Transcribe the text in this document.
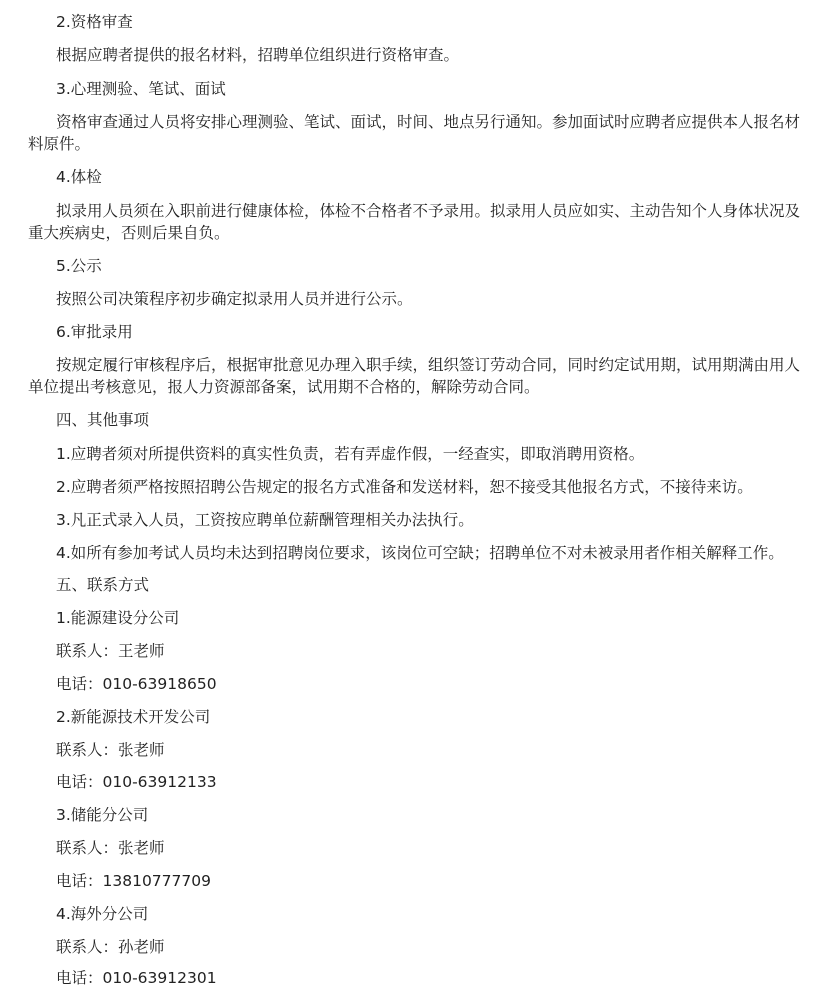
2.资格审查

根据应聘者提供的报名材料，招聘单位组织进行资格审查。

3.心理测验、笔试、面试

资格审查通过人员将安排心理测验、笔试、面试，时间、地点另行通知。参加面试时应聘者应提供本人报名材料原件。

4.体检

拟录用人员须在入职前进行健康体检，体检不合格者不予录用。拟录用人员应如实、主动告知个人身体状况及重大疾病史，否则后果自负。

5.公示

按照公司决策程序初步确定拟录用人员并进行公示。

6.审批录用

按规定履行审核程序后，根据审批意见办理入职手续，组织签订劳动合同，同时约定试用期，试用期满由用人单位提出考核意见，报人力资源部备案，试用期不合格的，解除劳动合同。

四、其他事项

1.应聘者须对所提供资料的真实性负责，若有弄虚作假，一经查实，即取消聘用资格。

2.应聘者须严格按照招聘公告规定的报名方式准备和发送材料，恕不接受其他报名方式，不接待来访。

3.凡正式录入人员，工资按应聘单位薪酬管理相关办法执行。

4.如所有参加考试人员均未达到招聘岗位要求，该岗位可空缺；招聘单位不对未被录用者作相关解释工作。

五、联系方式

1.能源建设分公司

联系人：王老师

电话：010-63918650

2.新能源技术开发公司

联系人：张老师

电话：010-63912133

3.储能分公司

联系人：张老师

电话：13810777709

4.海外分公司

联系人：孙老师

电话：010-63912301
